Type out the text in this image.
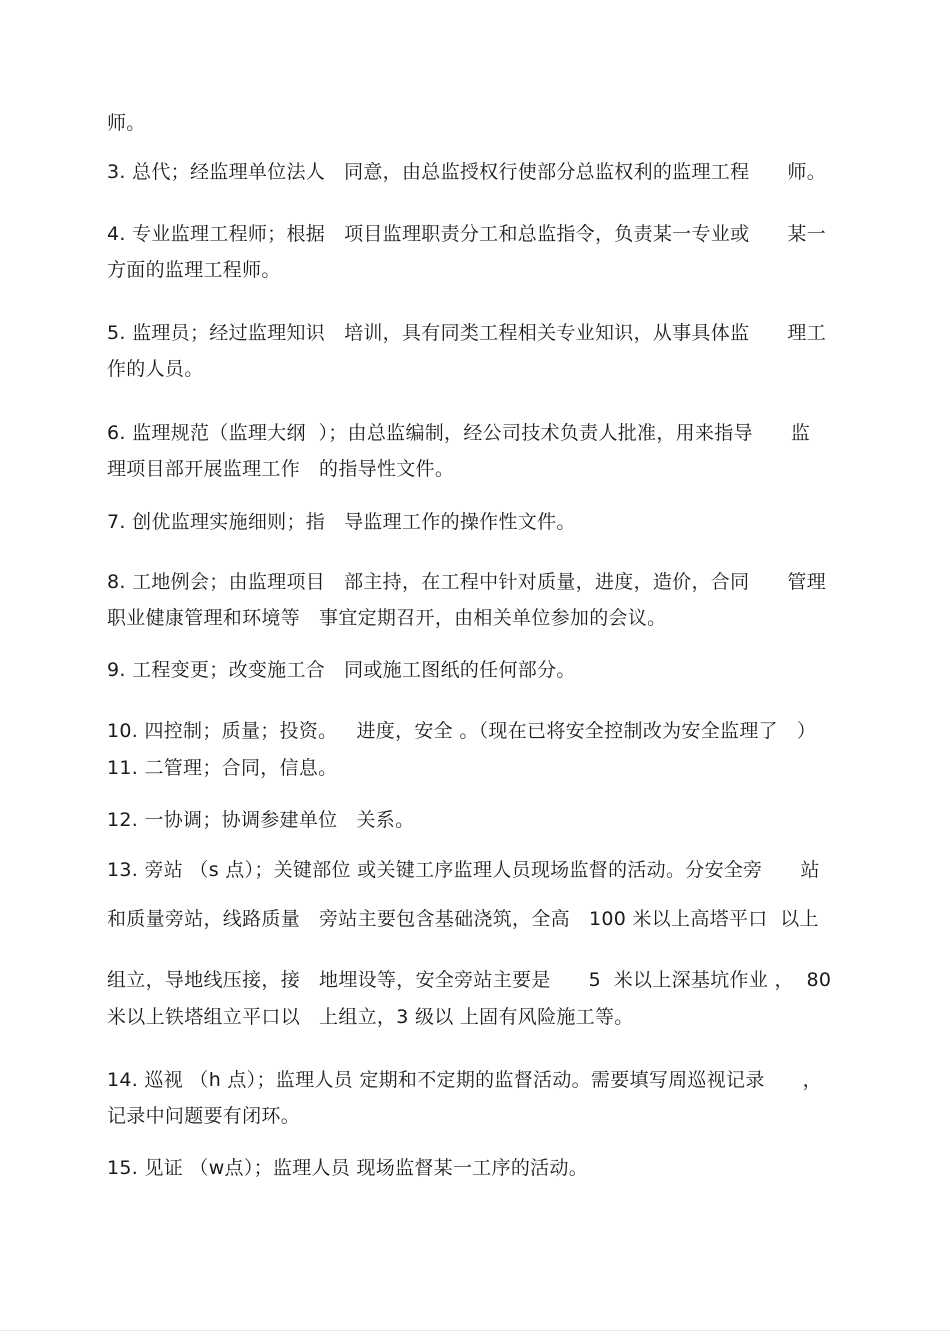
师。
3. 总代；经监理单位法人   同意，由总监授权行使部分总监权利的监理工程      师。
4. 专业监理工程师；根据   项目监理职责分工和总监指令，负责某一专业或      某一
方面的监理工程师。
5. 监理员；经过监理知识   培训，具有同类工程相关专业知识，从事具体监      理工
作的人员。
6. 监理规范（监理大纲  ）；由总监编制，经公司技术负责人批准，用来指导      监
理项目部开展监理工作   的指导性文件。
7. 创优监理实施细则；指   导监理工作的操作性文件。
8. 工地例会；由监理项目   部主持，在工程中针对质量，进度，造价，合同      管理
职业健康管理和环境等   事宜定期召开，由相关单位参加的会议。
9. 工程变更；改变施工合   同或施工图纸的任何部分。
10. 四控制；质量；投资。   进度，安全 。（现在已将安全控制改为安全监理了   ）
11. 二管理；合同，信息。
12. 一协调；协调参建单位   关系。
13. 旁站 （s 点）；关键部位 或关键工序监理人员现场监督的活动。分安全旁      站
和质量旁站，线路质量   旁站主要包含基础浇筑，全高   100 米以上高塔平口  以上
组立，导地线压接，接   地埋设等，安全旁站主要是      5  米以上深基坑作业 ，  80
米以上铁塔组立平口以   上组立，3 级以 上固有风险施工等。
14. 巡视 （h 点）；监理人员 定期和不定期的监督活动。需要填写周巡视记录      ，
记录中问题要有闭环。
15. 见证 （w点）；监理人员 现场监督某一工序的活动。
